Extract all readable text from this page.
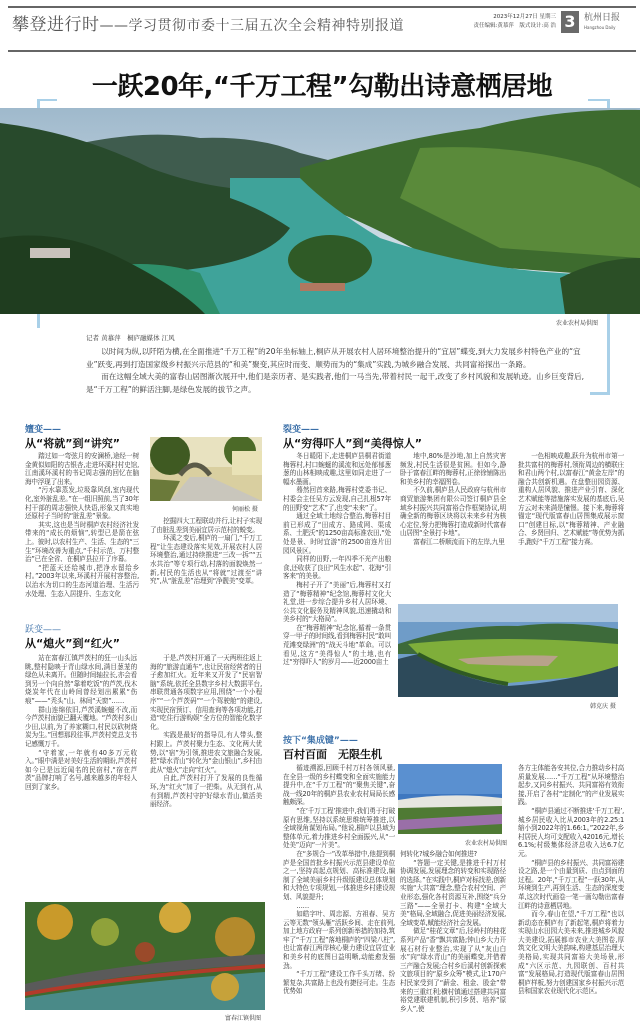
攀登进行时——学习贯彻市委十三届五次全会精神特别报道
2023年12月27日 星期三
责任编辑:黄慕萍　版式设计:高 浩 3 杭州日报
Hangzhou Daily
一跃20年,“千万工程”勾勒出诗意栖居地
农业农村局供图
记者 黄慕萍　桐庐融媒体 江风

以时间为纵,以阡陌为横,在全面推进“千万工程”的20年坐标轴上,桐庐从开展农村人居环境整治提升的“宜居”蝶变,到大力发展乡村特色产业的“宜业”跃变,再到打造国家级乡村振兴示范县的“和美”聚变,其应时而变、顺势而为的“集成”实践,为城乡融合发展、共同富裕探出一条路。

而在这幅全域大美的富春山居图渐次展开中,他们是亲历者、是实践者,他们一马当先,带着村民一起干,改变了乡村风貌和发展轨迹。山乡巨变背后,是“千万工程”的鲜活注脚,是绿色发展的拔节之声。

嬗变——
从“将就”到“讲究”

踏过如一弯弦月的安澜桥,途经一树金黄似如阳的古银杏,走进环溪村村史馆,江南溪环溪村的书记周志强的回忆在脑海中浮现了出来。

“污水靠蒸发,垃圾靠风刮,室内现代化,室外脏乱差。”在一组旧照前,当了30年村干部的周志强快人快语,形象又真实地还原村子当时的“脏乱差”景象。

其实,这也是当时桐庐农村经济社发带来的“成长的烦恼”,转型已是箭在弦上。彼时,以农村生产、生活、生态的“三生”环境改善为重点,“千村示范、万村整治”已在全省、在桐庐县拉开了序幕。

“把蓝天还给城市,把净水留给乡村。”2003年以来,环溪村开展村容整治,以治水为切口的生态河道治理、生活污水处理、生态入居提升、生态文化

何丽松 摄

挖掘四大工程联动并行,让村子实现了由脏乱差到美丽宜居示范村的蜕变。

环溪之变后,桐庐的一扇门,“千万工程”让生态建设落实见效,开展农村人居环境整治,通过持续推进“三改一拆”“五水共治”等专项行动,村落的面貌焕然一新,村民的生活也从“将就”过渡至“讲究”,从“脏乱差”治理到“净靓美”变革。

跃变——
从“熄火”到“红火”

站在富春江镇芦茨村的狂一山头远眺,整村隐映于青山绿水间,满目葱茏的绿色从未离开。但随时间轴拉长,亦会看到另一个向自然“靠着吃饭”的芦茨,伐木烧炭年代在山岭间曾经划出累累“伤痕”——“秃头”山、林间“天窗”……

群山连绵依旧,芦茨溪蜿蜒不改,而今芦茨村面貌已翻天覆地。“芦茨村多山少田,以前,为了养家糊口,村民以砍树烧炭为生。”回想那段往事,芦茨村党总支书记感慨万千。

“守着家,一年就有40多万元收入。”眼中满是对美好生活的期盼,芦茨村如今已是远近闻名的民宿村,“宿在芦茨”品牌打响了名号,越来越多的年轻人回到了家乡。

于是,芦茨村开通了一天两班往返上海的“旅游直通车”,也让民宿经营者的日子愈加红火。近年来又开发了“民宿智脑”系统,依托全县数字乡村大数据平台,串联贯通各项数字应用,围绕“一个小程序”“一个芦茨码”“一个驾驶舱”的建设,实现民宿预订、信用查询等各项功能,打造“吃住行游购娱”全方位的智能化数字化。

实践是最好的指导员,有人带头,整村跟上。芦茨村聚力生态、文化两大优势,以“宿”为引领,推进农文旅融合发展,把“绿水青山”转化为“金山银山”,乡村由此从“熄火”走向“红火”。

自此,芦茨村打开了发展的良性循环,为“红火”加了一把柴。从无到有,从有到精,芦茨村守护好绿水青山,做活美丽经济。

富春江镇供图
裂变——
从“穷得吓人”到“美得惊人”

冬日暖阳下,走进桐庐县桐君街道梅蓉村,村口蜿蜒的溪流和远处郁郁葱葱的山林相映成趣,这里如同走进了一幅水墨画。

蓦然回首来路,梅蓉村党委书记、村委会主任吴方云发现,自己扎根57年的田野变“艺术”了,也变“未来”了。

通过全域土地综合整治,梅蓉村目前已形成了“田成方、路成网、渠成系、土肥沃”的1250亩高标准农田,“处处是景、时时宜游”的2500亩连片田园风景区。

同样的田野,一年四季不光产出粮食,还收获了良田“风生水起”、花海“引客来”的美景。

梅村子开了“美丽”后,梅蓉村又打造了“梅蓉精神”纪念馆,梅蓉村文化大礼堂,进一步综合提升乡村人居环境、公共文化服务及精神风貌,迅速撬动和美乡村的“大格局”。

在“梅蓉精神”纪念馆,循着一条贯穿一甲子的时间线,看到梅蓉村民“敢叫荒滩变绿洲”的“战天斗地”革命。可以看见,这方“美得惊人”的土地,也有过“穷得吓人”的岁月——近2000亩土

地中,80%是沙地,加上自然灾害频发,村民生活很是贫困。但如今,静卧于富春江畔的梅蓉村,正徐徐铺陈出和美乡村的幸福图卷。

不久前,桐庐县人民政府与杭州市商贸旅游集团有限公司签订桐庐县全域乡村振兴共同富裕合作框架协议,明确全新的梅蓉区块将以未来乡村为核心定位,努力把梅蓉打造成新时代富春山居图“全景打卡地”。

富春江二桥顺流而下的左岸,九里

一色相映成趣,跃升为杭州市第一批共富村的梅蓉村,领衔周边的横联庄和君山两个村,以富春江“黄金左岸”的融合共创新机遇。在盘整田园资源、重构人居风貌、推进产业引育、深化艺术赋能等措施落实发展的基底后,吴方云对未来满是憧憬。接下来,梅蓉将锚定“现代版富春山居图集成展示窗口”创建目标,以“梅蓉精神、产业融合、乡贤回归、艺术赋能”等优势为抓手,跑好“千万工程”接力赛。

韩克庆 摄
按下“集成键”——
百村百面　无限生机

循迹溯源,回顾千村万村各领风骚,在全县一级的乡村蝶变和全面实施能力提升中,在“千万工程”的“聚焦关键”,奋战一线20年的桐庐县农业农村局局长感触颇深。

“在‘千万工程’推进中,我们勇于打破原有思维,坚持以系统思维统筹推进,以全域视角谋划布局。”他说,桐庐以县域为整体单元,着力推进乡村全面振兴,从“一处美”迈向“一片美”。

在“多规合一”改革举措中,他提到桐庐是全国首批乡村振兴示范县建设单位之一,坚持高起点规划、高标准建设,编制了全域美丽乡村升级版建设总体规划和大特色专项规划,一体推进乡村建设规划、风貌提升;

……

如皓字叶、周忠源、方祖春、吴方云等无数“领头雁”活跃乡间、走在前列,加上地方政府一系列创新举措的加持,筑牢了“千万工程”落地桐庐的“四梁八柱”,也让富春江两岸核心聚力建设宜居宜业和美乡村的底图日益明晰,动能愈发强劲。

“千万工程”建设工作千头万绪、纷繁复杂,共富路上也没有捷径可走。生态优势如

农业农村局供图

何转化?城乡融合如何推进?

“答题一定关键,是推进千村万村协调发展,发展理念的转变和实现路径的选择。”在实践中,桐庐对标找差,创新实施“大共富”理念,整合农村空间、产业形态,强化各村资源互补,围绕“兵分三路”——全景打卡、构建“全域大美”格局,全域融合,促进美丽经济发展,全域变革,赋能经济社会发展。

做足“桂花文章”后,径岭村的桂花系列产品“香”飘共富路;钟山乡大力开展石材行业整治,实现了从“灰山白水”向“绿水青山”的美丽蝶变,并借着三产融合发展;合村乡后溪村创新探索文旅项目的“原乡众筹”模式,让170户村民家受到了“薪金、租金、股金”带来的三重红利;横村镇通过搭建共同富裕党建联建机制,积引乡贤、培养“原乡人”,使

各方主体能各安其位,合力推动乡村高质量发展……“千万工程”从环境整治起步,又同乡村振兴、共同富裕有效衔接,开启了各村“定制化”的产业发展实践。

“桐庐县通过不断推进‘千万工程’,城乡居民收入比从2003年的2.25:1缩小到2022年的1.66:1。”2022年,乡村居民人均可支配收入42016元,增长6.1%;村级集体经济总收入达6.7亿元。

“桐庐县的乡村振兴、共同富裕建设之路,是一个由量到质、由点到面的过程。20年,“千万工程”一跃30年,从环境到生产,再到生活、生态的深度变革,这次时代画卷一笔一画勾勒出富春江畔的诗意栖居地。

而今,春山在望,“千万工程”也以新动态在桐庐有了新起笔,桐庐将着力实现山水田园大美未来,推进城乡风貌大美建设,拓展都市农业大美图卷,厚筑文化文明大美韵味,构建基层治理大美格局,实现共同富裕大美场景,形成“六区示范、九园联创、百村共富”发展格局,打造现代版富春山居图桐庐样板,努力创建国家乡村振兴示范县和国家农业现代化示范区。
